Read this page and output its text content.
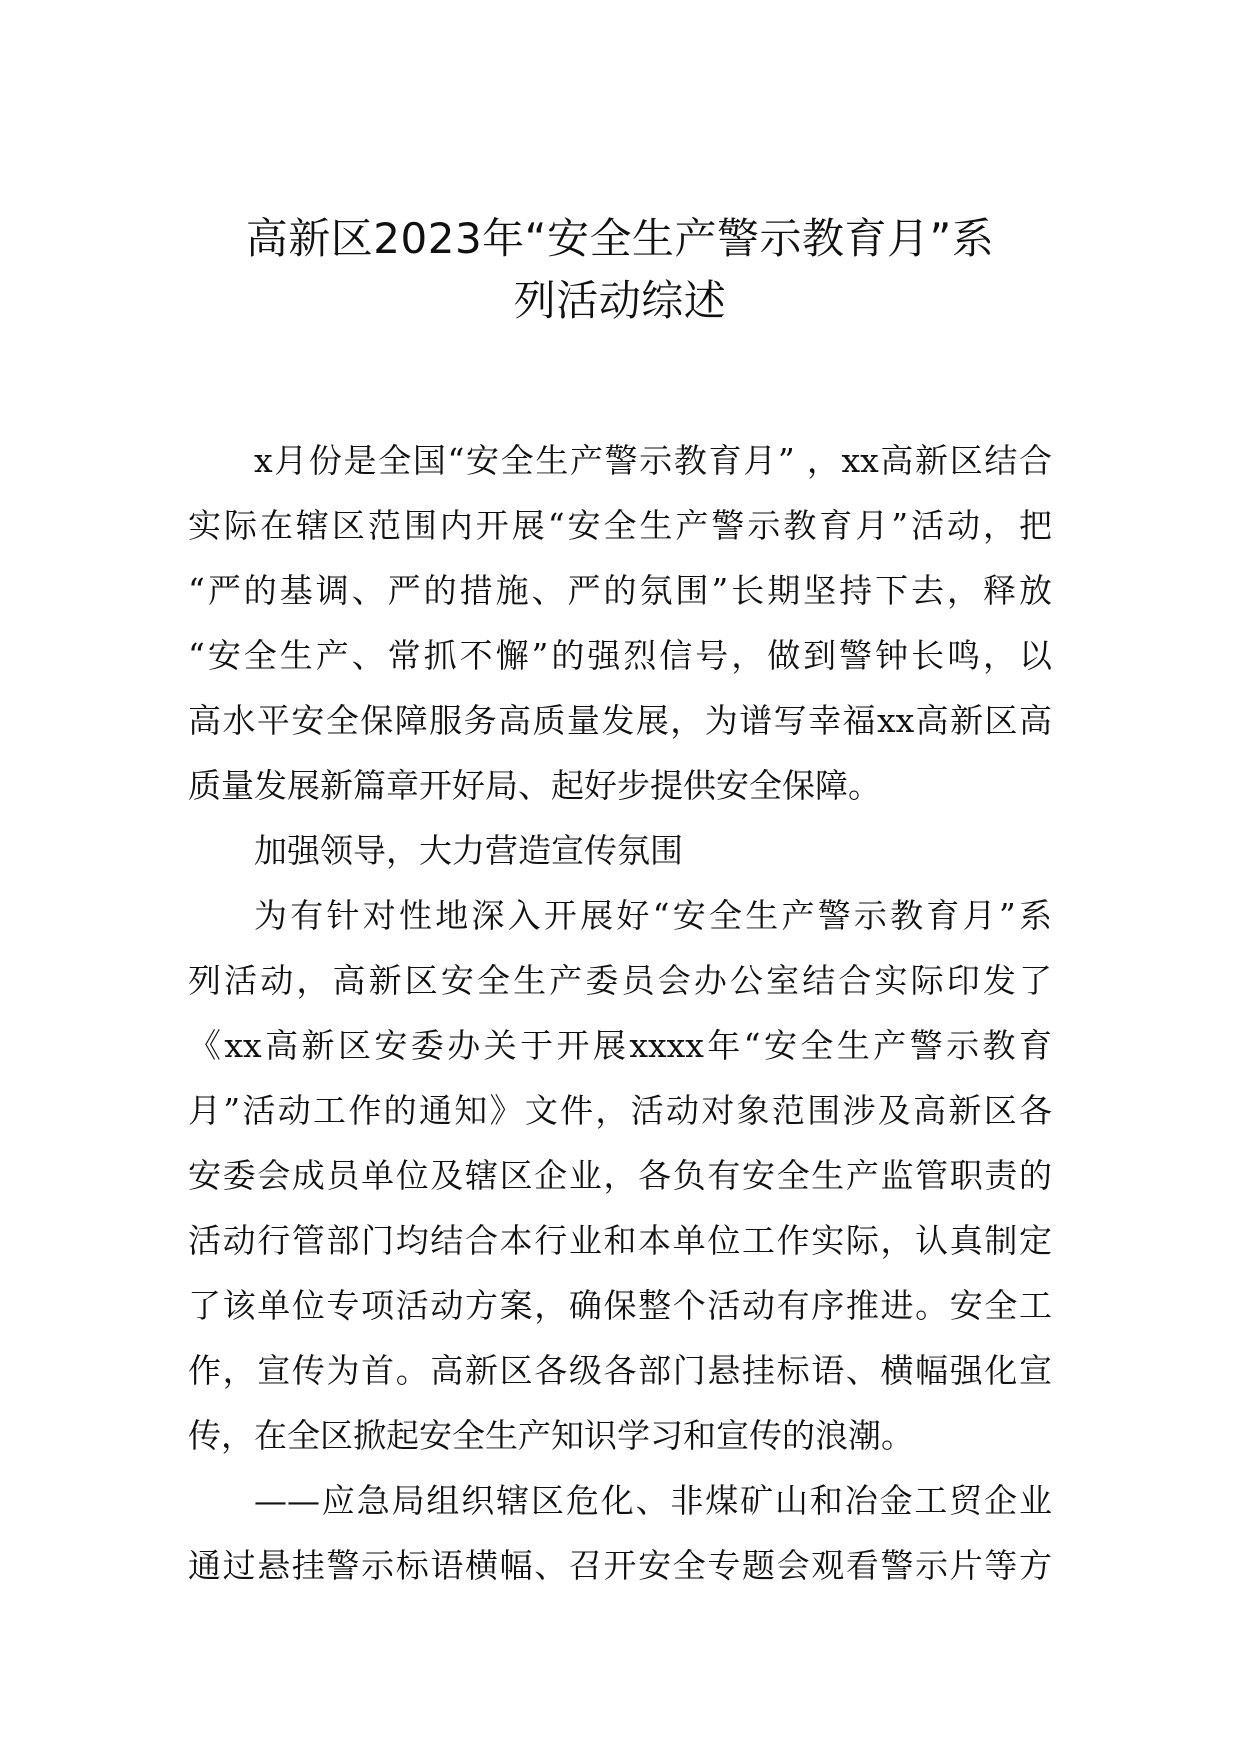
高新区2023年“安全生产警示教育月”系
列活动综述
x月份是全国“安全生产警示教育月” ，xx高新区结合
实际在辖区范围内开展“安全生产警示教育月”活动，把
“严的基调、严的措施、严的氛围”长期坚持下去，释放
“安全生产、常抓不懈”的强烈信号，做到警钟长鸣，以
高水平安全保障服务高质量发展，为谱写幸福xx高新区高
质量发展新篇章开好局、起好步提供安全保障。
加强领导，大力营造宣传氛围
为有针对性地深入开展好“安全生产警示教育月”系
列活动，高新区安全生产委员会办公室结合实际印发了
《xx高新区安委办关于开展xxxx年“安全生产警示教育
月”活动工作的通知》文件，活动对象范围涉及高新区各
安委会成员单位及辖区企业，各负有安全生产监管职责的
活动行管部门均结合本行业和本单位工作实际，认真制定
了该单位专项活动方案，确保整个活动有序推进。安全工
作，宣传为首。高新区各级各部门悬挂标语、横幅强化宣
传，在全区掀起安全生产知识学习和宣传的浪潮。
——应急局组织辖区危化、非煤矿山和冶金工贸企业
通过悬挂警示标语横幅、召开安全专题会观看警示片等方
